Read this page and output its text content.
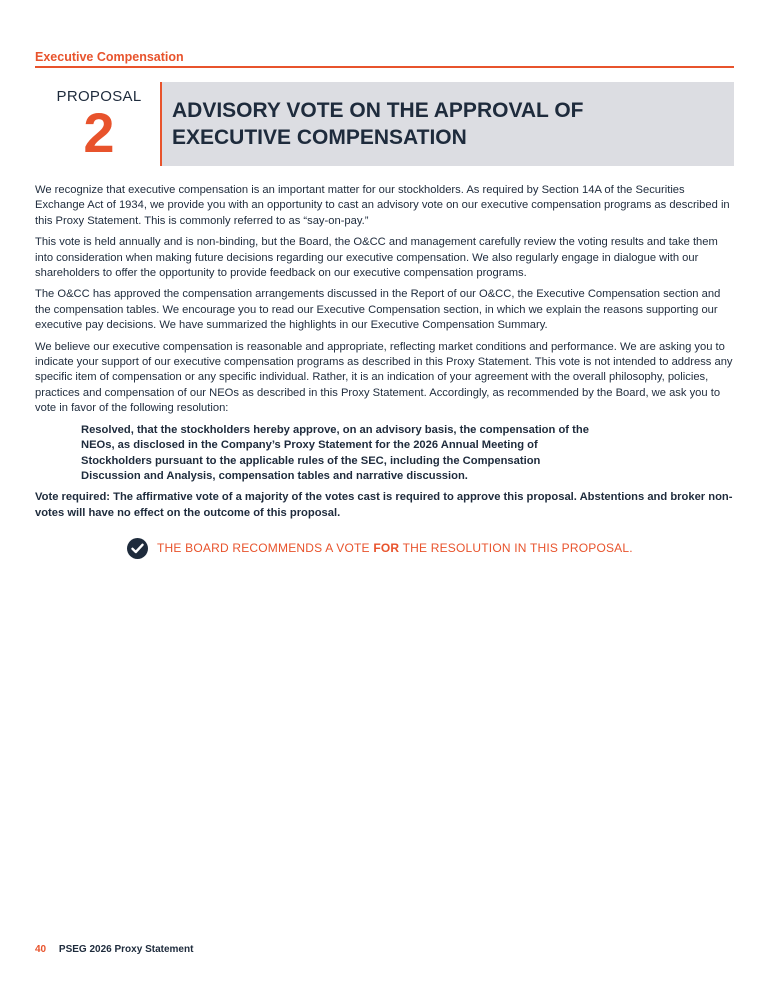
Executive Compensation
PROPOSAL
2	ADVISORY VOTE ON THE APPROVAL OF
EXECUTIVE COMPENSATION

We recognize that executive compensation is an important matter for our stockholders. As required by Section 14A of the Securities Exchange Act of 1934, we provide you with an opportunity to cast an advisory vote on our executive compensation programs as described in this Proxy Statement. This is commonly referred to as “say-on-pay.”

This vote is held annually and is non-binding, but the Board, the O&CC and management carefully review the voting results and take them into consideration when making future decisions regarding our executive compensation. We also regularly engage in dialogue with our shareholders to offer the opportunity to provide feedback on our executive compensation programs.

The O&CC has approved the compensation arrangements discussed in the Report of our O&CC, the Executive Compensation section and the compensation tables. We encourage you to read our Executive Compensation section, in which we explain the reasons supporting our executive pay decisions. We have summarized the highlights in our Executive Compensation Summary.

We believe our executive compensation is reasonable and appropriate, reflecting market conditions and performance. We are asking you to indicate your support of our executive compensation programs as described in this Proxy Statement. This vote is not intended to address any specific item of compensation or any specific individual. Rather, it is an indication of your agreement with the overall philosophy, policies, practices and compensation of our NEOs as described in this Proxy Statement. Accordingly, as recommended by the Board, we ask you to vote in favor of the following resolution:

Resolved, that the stockholders hereby approve, on an advisory basis, the compensation of the NEOs, as disclosed in the Company’s Proxy Statement for the 2026 Annual Meeting of Stockholders pursuant to the applicable rules of the SEC, including the Compensation Discussion and Analysis, compensation tables and narrative discussion.

Vote required: The affirmative vote of a majority of the votes cast is required to approve this proposal. Abstentions and broker non-votes will have no effect on the outcome of this proposal.

THE BOARD RECOMMENDS A VOTE FOR THE RESOLUTION IN THIS PROPOSAL.
40 PSEG 2026 Proxy Statement
